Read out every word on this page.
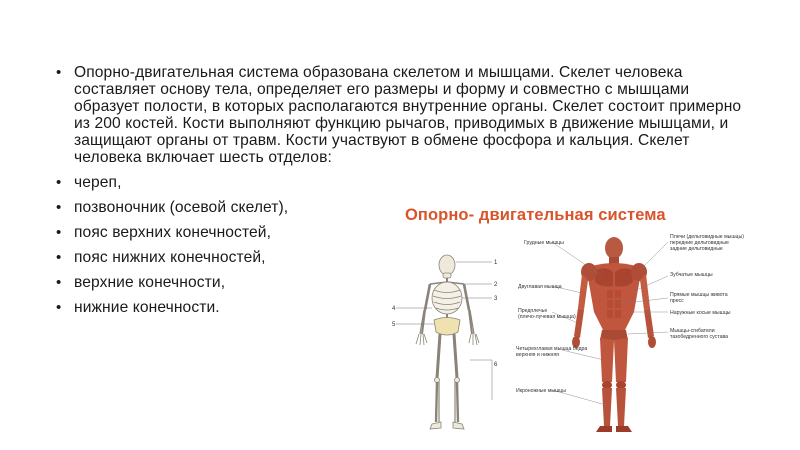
• Опорно-двигательная система образована скелетом и мышцами. Скелет человека составляет основу тела, определяет его размеры и форму и совместно с мышцами образует полости, в которых располагаются внутренние органы. Скелет состоит примерно из 200 костей. Кости выполняют функцию рычагов, приводимых в движение мышцами, и защищают органы от травм. Кости участвуют в обмене фосфора и кальция. Скелет человека включает шесть отделов:
• череп,
• позвоночник (осевой скелет),
• пояс верхних конечностей,
• пояс нижних конечностей,
• верхние конечности,
• нижние конечности.
Опорно- двигательная система
Грудные мышцы
Двуглавая мышца
Предплечье
(плечо-лучевая мышца)
Четырехглавая мышца бедра
верхняя и нижняя
Икроножные мышцы
Плечи (дельтовидные мышцы)
передние дельтовидные
задние дельтовидные
Зубчатые мышцы
Прямые мышцы живота
пресс
Наружные косые мышцы
Мышцы-сгибатели
тазобедренного сустава
1
2
3
4
5
6
